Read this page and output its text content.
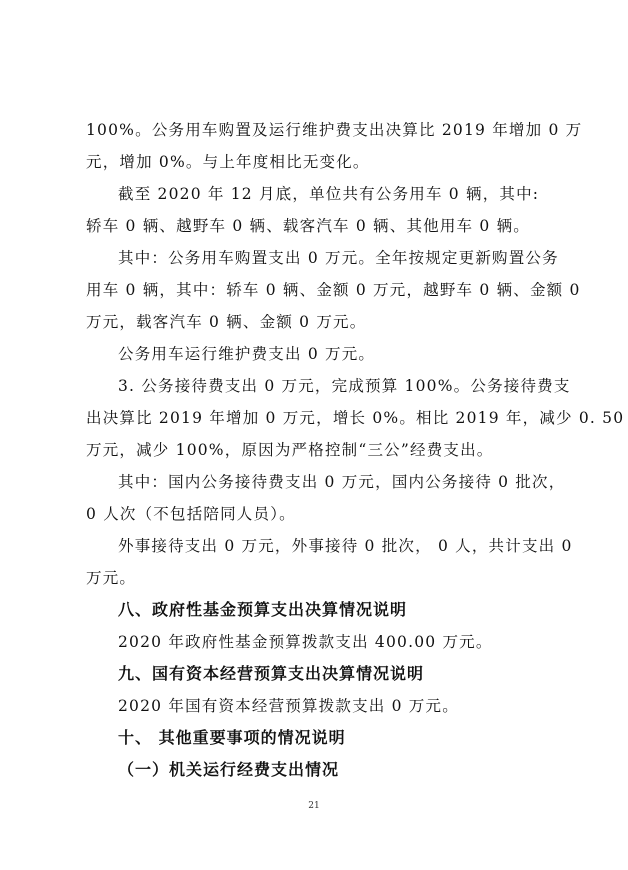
100%。公务用车购置及运行维护费支出决算比 2019 年增加 0 万
元，增加 0%。与上年度相比无变化。
截至 2020 年 12 月底，单位共有公务用车 0 辆，其中:
轿车 0 辆、越野车 0 辆、载客汽车 0 辆、其他用车 0 辆。
其中：公务用车购置支出 0 万元。全年按规定更新购置公务
用车 0 辆，其中：轿车 0 辆、金额 0 万元，越野车 0 辆、金额 0
万元，载客汽车 0 辆、金额 0 万元。
公务用车运行维护费支出 0 万元。
3. 公务接待费支出 0 万元，完成预算 100%。公务接待费支
出决算比 2019 年增加 0 万元，增长 0%。相比 2019 年，减少 0. 50
万元，减少 100%，原因为严格控制“三公”经费支出。
其中：国内公务接待费支出 0 万元，国内公务接待 0 批次，
0 人次（不包括陪同人员）。
外事接待支出 0 万元，外事接待 0 批次， 0 人，共计支出 0
万元。
八、政府性基金预算支出决算情况说明
2020 年政府性基金预算拨款支出 400.00 万元。
九、国有资本经营预算支出决算情况说明
2020 年国有资本经营预算拨款支出 0 万元。
十、 其他重要事项的情况说明
（一）机关运行经费支出情况
21
